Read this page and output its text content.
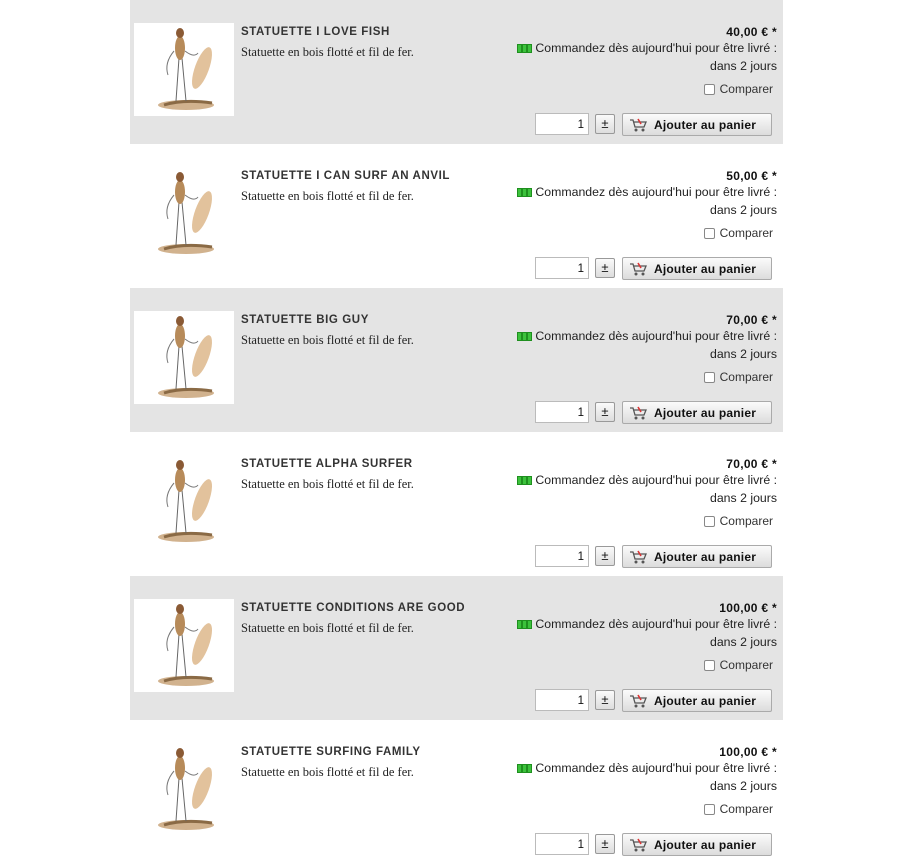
STATUETTE I LOVE FISH
Statuette en bois flotté et fil de fer.
40,00 € *
Commandez dès aujourd'hui pour être livré : dans 2 jours
Comparer
1	±	Ajouter au panier
STATUETTE I CAN SURF AN ANVIL
Statuette en bois flotté et fil de fer.
50,00 € *
Commandez dès aujourd'hui pour être livré : dans 2 jours
Comparer
1	±	Ajouter au panier
STATUETTE BIG GUY
Statuette en bois flotté et fil de fer.
70,00 € *
Commandez dès aujourd'hui pour être livré : dans 2 jours
Comparer
1	±	Ajouter au panier
STATUETTE ALPHA SURFER
Statuette en bois flotté et fil de fer.
70,00 € *
Commandez dès aujourd'hui pour être livré : dans 2 jours
Comparer
1	±	Ajouter au panier
STATUETTE CONDITIONS ARE GOOD
Statuette en bois flotté et fil de fer.
100,00 € *
Commandez dès aujourd'hui pour être livré : dans 2 jours
Comparer
1	±	Ajouter au panier
STATUETTE SURFING FAMILY
Statuette en bois flotté et fil de fer.
100,00 € *
Commandez dès aujourd'hui pour être livré : dans 2 jours
Comparer
1	±	Ajouter au panier
